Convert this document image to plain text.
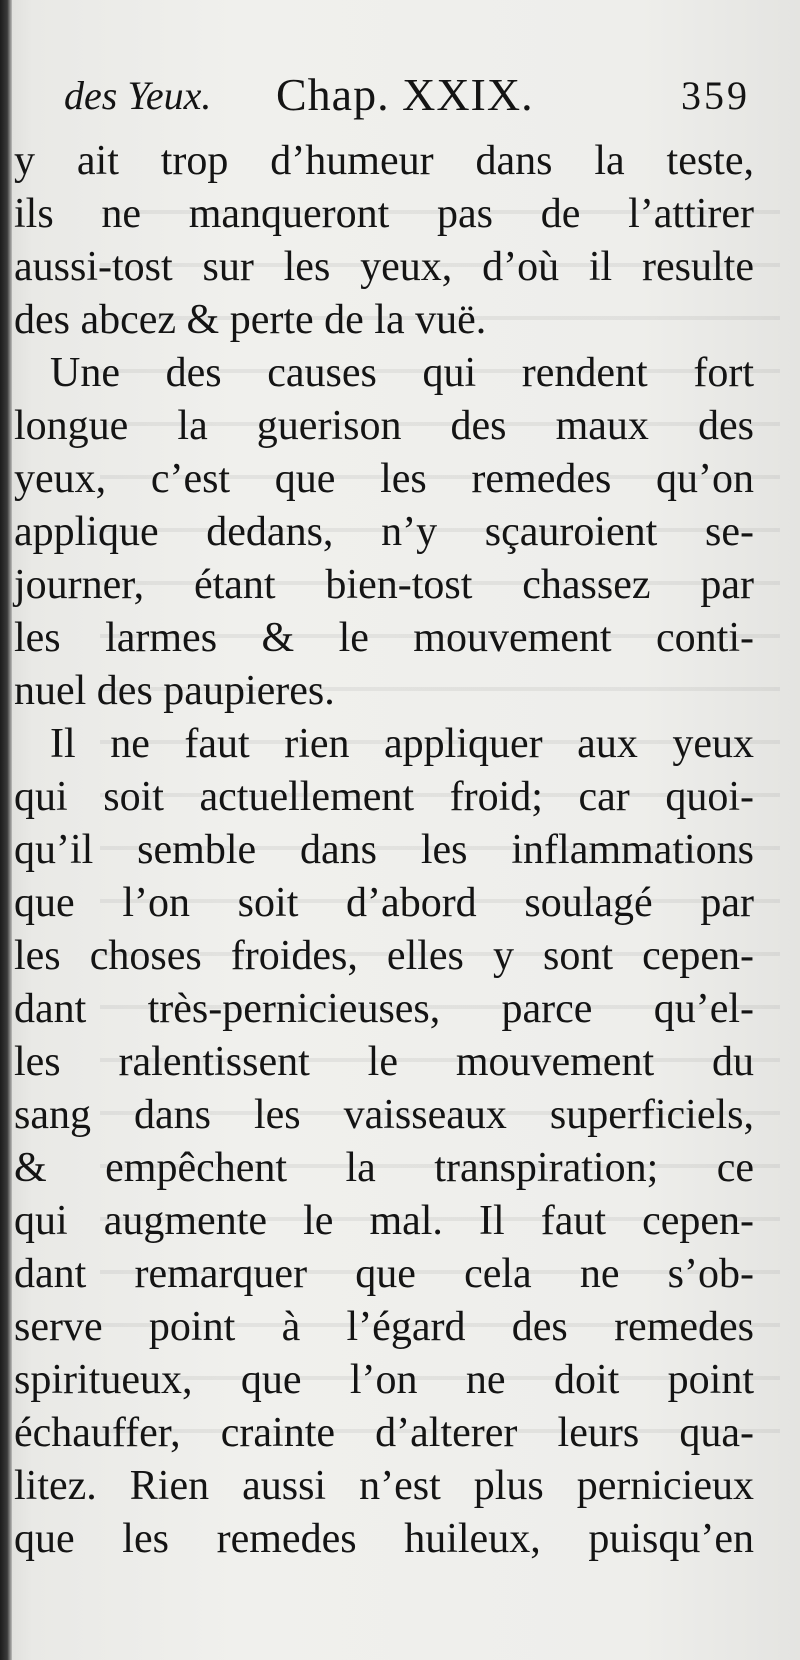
des Yeux. Chap. XXIX.	359
y ait trop d’humeur dans la teste,
ils ne manqueront pas de l’attirer
aussi-tost sur les yeux, d’où il resulte
des abcez & perte de la vuë.
Une des causes qui rendent fort
longue la guerison des maux des
yeux, c’est que les remedes qu’on
applique dedans, n’y sçauroient se-
journer, étant bien-tost chassez par
les larmes & le mouvement conti-
nuel des paupieres.
Il ne faut rien appliquer aux yeux
qui soit actuellement froid; car quoi-
qu’il semble dans les inflammations
que l’on soit d’abord soulagé par
les choses froides, elles y sont cepen-
dant très-pernicieuses, parce qu’el-
les ralentissent le mouvement du
sang dans les vaisseaux superficiels,
& empêchent la transpiration; ce
qui augmente le mal. Il faut cepen-
dant remarquer que cela ne s’ob-
serve point à l’égard des remedes
spiritueux, que l’on ne doit point
échauffer, crainte d’alterer leurs qua-
litez. Rien aussi n’est plus pernicieux
que les remedes huileux, puisqu’en
